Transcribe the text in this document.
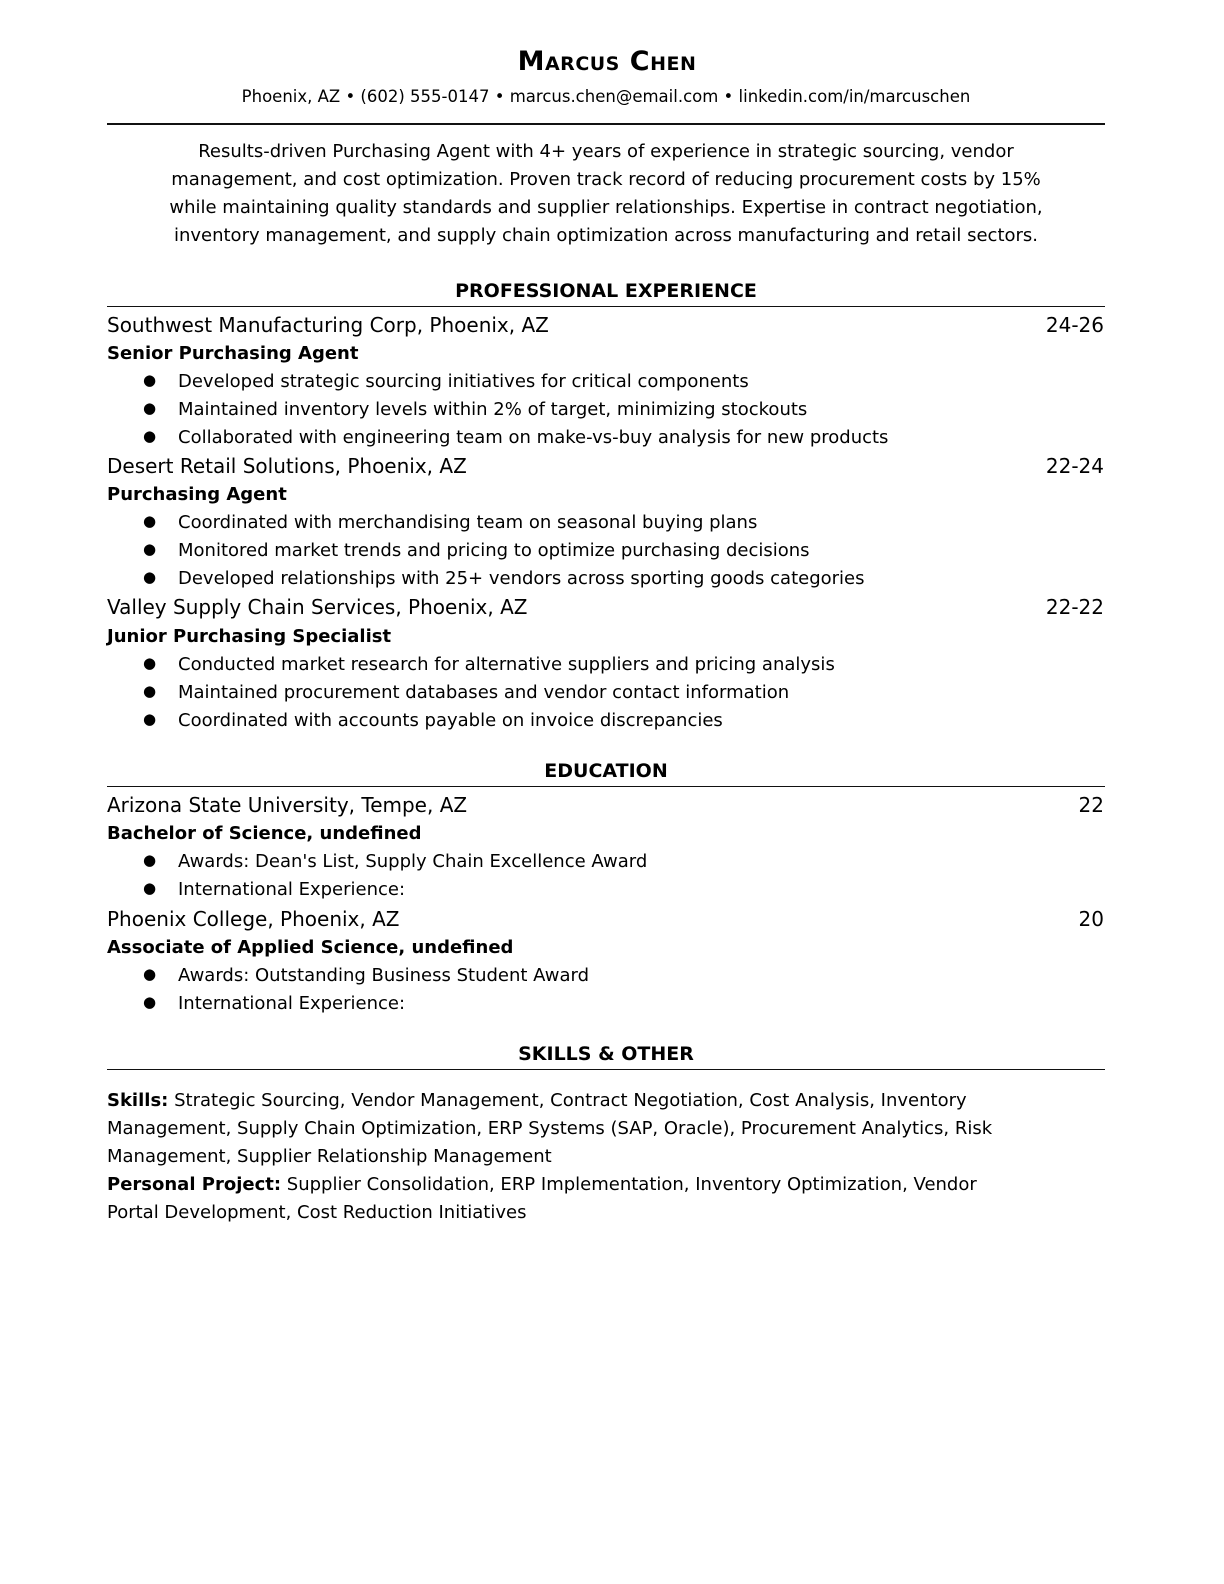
Marcus Chen
Phoenix, AZ • (602) 555-0147 • marcus.chen@email.com • linkedin.com/in/marcuschen
Results-driven Purchasing Agent with 4+ years of experience in strategic sourcing, vendor
management, and cost optimization. Proven track record of reducing procurement costs by 15%
while maintaining quality standards and supplier relationships. Expertise in contract negotiation,
inventory management, and supply chain optimization across manufacturing and retail sectors.
PROFESSIONAL EXPERIENCE
Southwest Manufacturing Corp, Phoenix, AZ	24-26
Senior Purchasing Agent
● Developed strategic sourcing initiatives for critical components
● Maintained inventory levels within 2% of target, minimizing stockouts
● Collaborated with engineering team on make-vs-buy analysis for new products
Desert Retail Solutions, Phoenix, AZ	22-24
Purchasing Agent
● Coordinated with merchandising team on seasonal buying plans
● Monitored market trends and pricing to optimize purchasing decisions
● Developed relationships with 25+ vendors across sporting goods categories
Valley Supply Chain Services, Phoenix, AZ	22-22
Junior Purchasing Specialist
● Conducted market research for alternative suppliers and pricing analysis
● Maintained procurement databases and vendor contact information
● Coordinated with accounts payable on invoice discrepancies
EDUCATION
Arizona State University, Tempe, AZ	22
Bachelor of Science, undefined
● Awards: Dean's List, Supply Chain Excellence Award
● International Experience:
Phoenix College, Phoenix, AZ	20
Associate of Applied Science, undefined
● Awards: Outstanding Business Student Award
● International Experience:
SKILLS & OTHER
Skills: Strategic Sourcing, Vendor Management, Contract Negotiation, Cost Analysis, Inventory
Management, Supply Chain Optimization, ERP Systems (SAP, Oracle), Procurement Analytics, Risk
Management, Supplier Relationship Management
Personal Project: Supplier Consolidation, ERP Implementation, Inventory Optimization, Vendor
Portal Development, Cost Reduction Initiatives
